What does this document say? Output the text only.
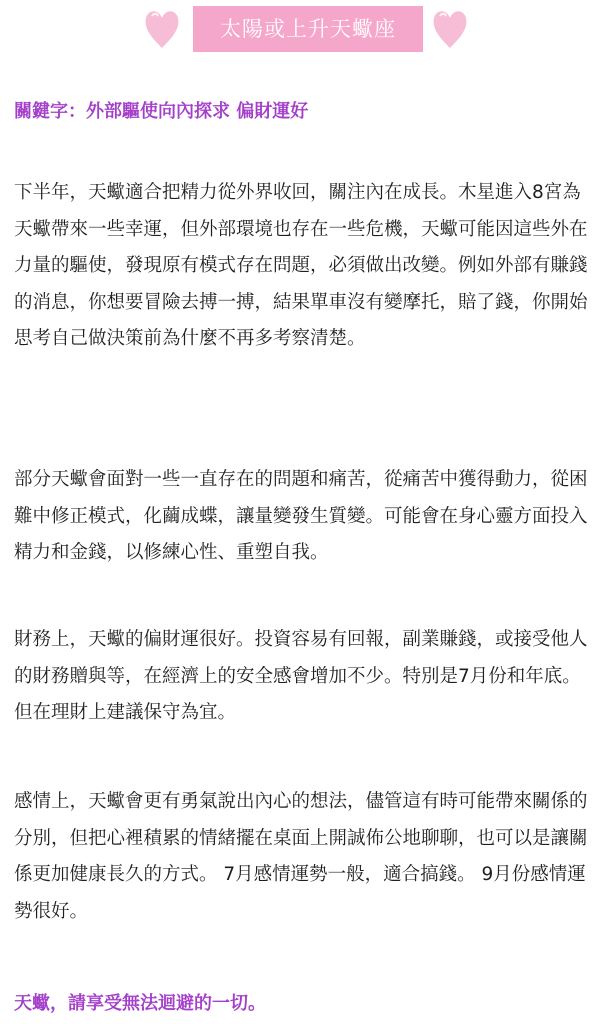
太陽或上升天蠍座
關鍵字：外部驅使向內探求 偏財運好

下半年，天蠍適合把精力從外界收回，關注內在成長。木星進入8宮為天蠍帶來一些幸運，但外部環境也存在一些危機，天蠍可能因這些外在力量的驅使，發現原有模式存在問題，必須做出改變。例如外部有賺錢的消息，你想要冒險去搏一搏，結果單車沒有變摩托，賠了錢，你開始思考自己做決策前為什麼不再多考察清楚。

部分天蠍會面對一些一直存在的問題和痛苦，從痛苦中獲得動力，從困難中修正模式，化繭成蝶，讓量變發生質變。可能會在身心靈方面投入精力和金錢，以修練心性、重塑自我。

財務上，天蠍的偏財運很好。投資容易有回報，副業賺錢，或接受他人的財務贈與等，在經濟上的安全感會增加不少。特別是7月份和年底。但在理財上建議保守為宜。

感情上，天蠍會更有勇氣說出內心的想法，儘管這有時可能帶來關係的分別，但把心裡積累的情緒擺在桌面上開誠佈公地聊聊，也可以是讓關係更加健康長久的方式。 7月感情運勢一般，適合搞錢。 9月份感情運勢很好。

天蠍，請享受無法迴避的一切。
